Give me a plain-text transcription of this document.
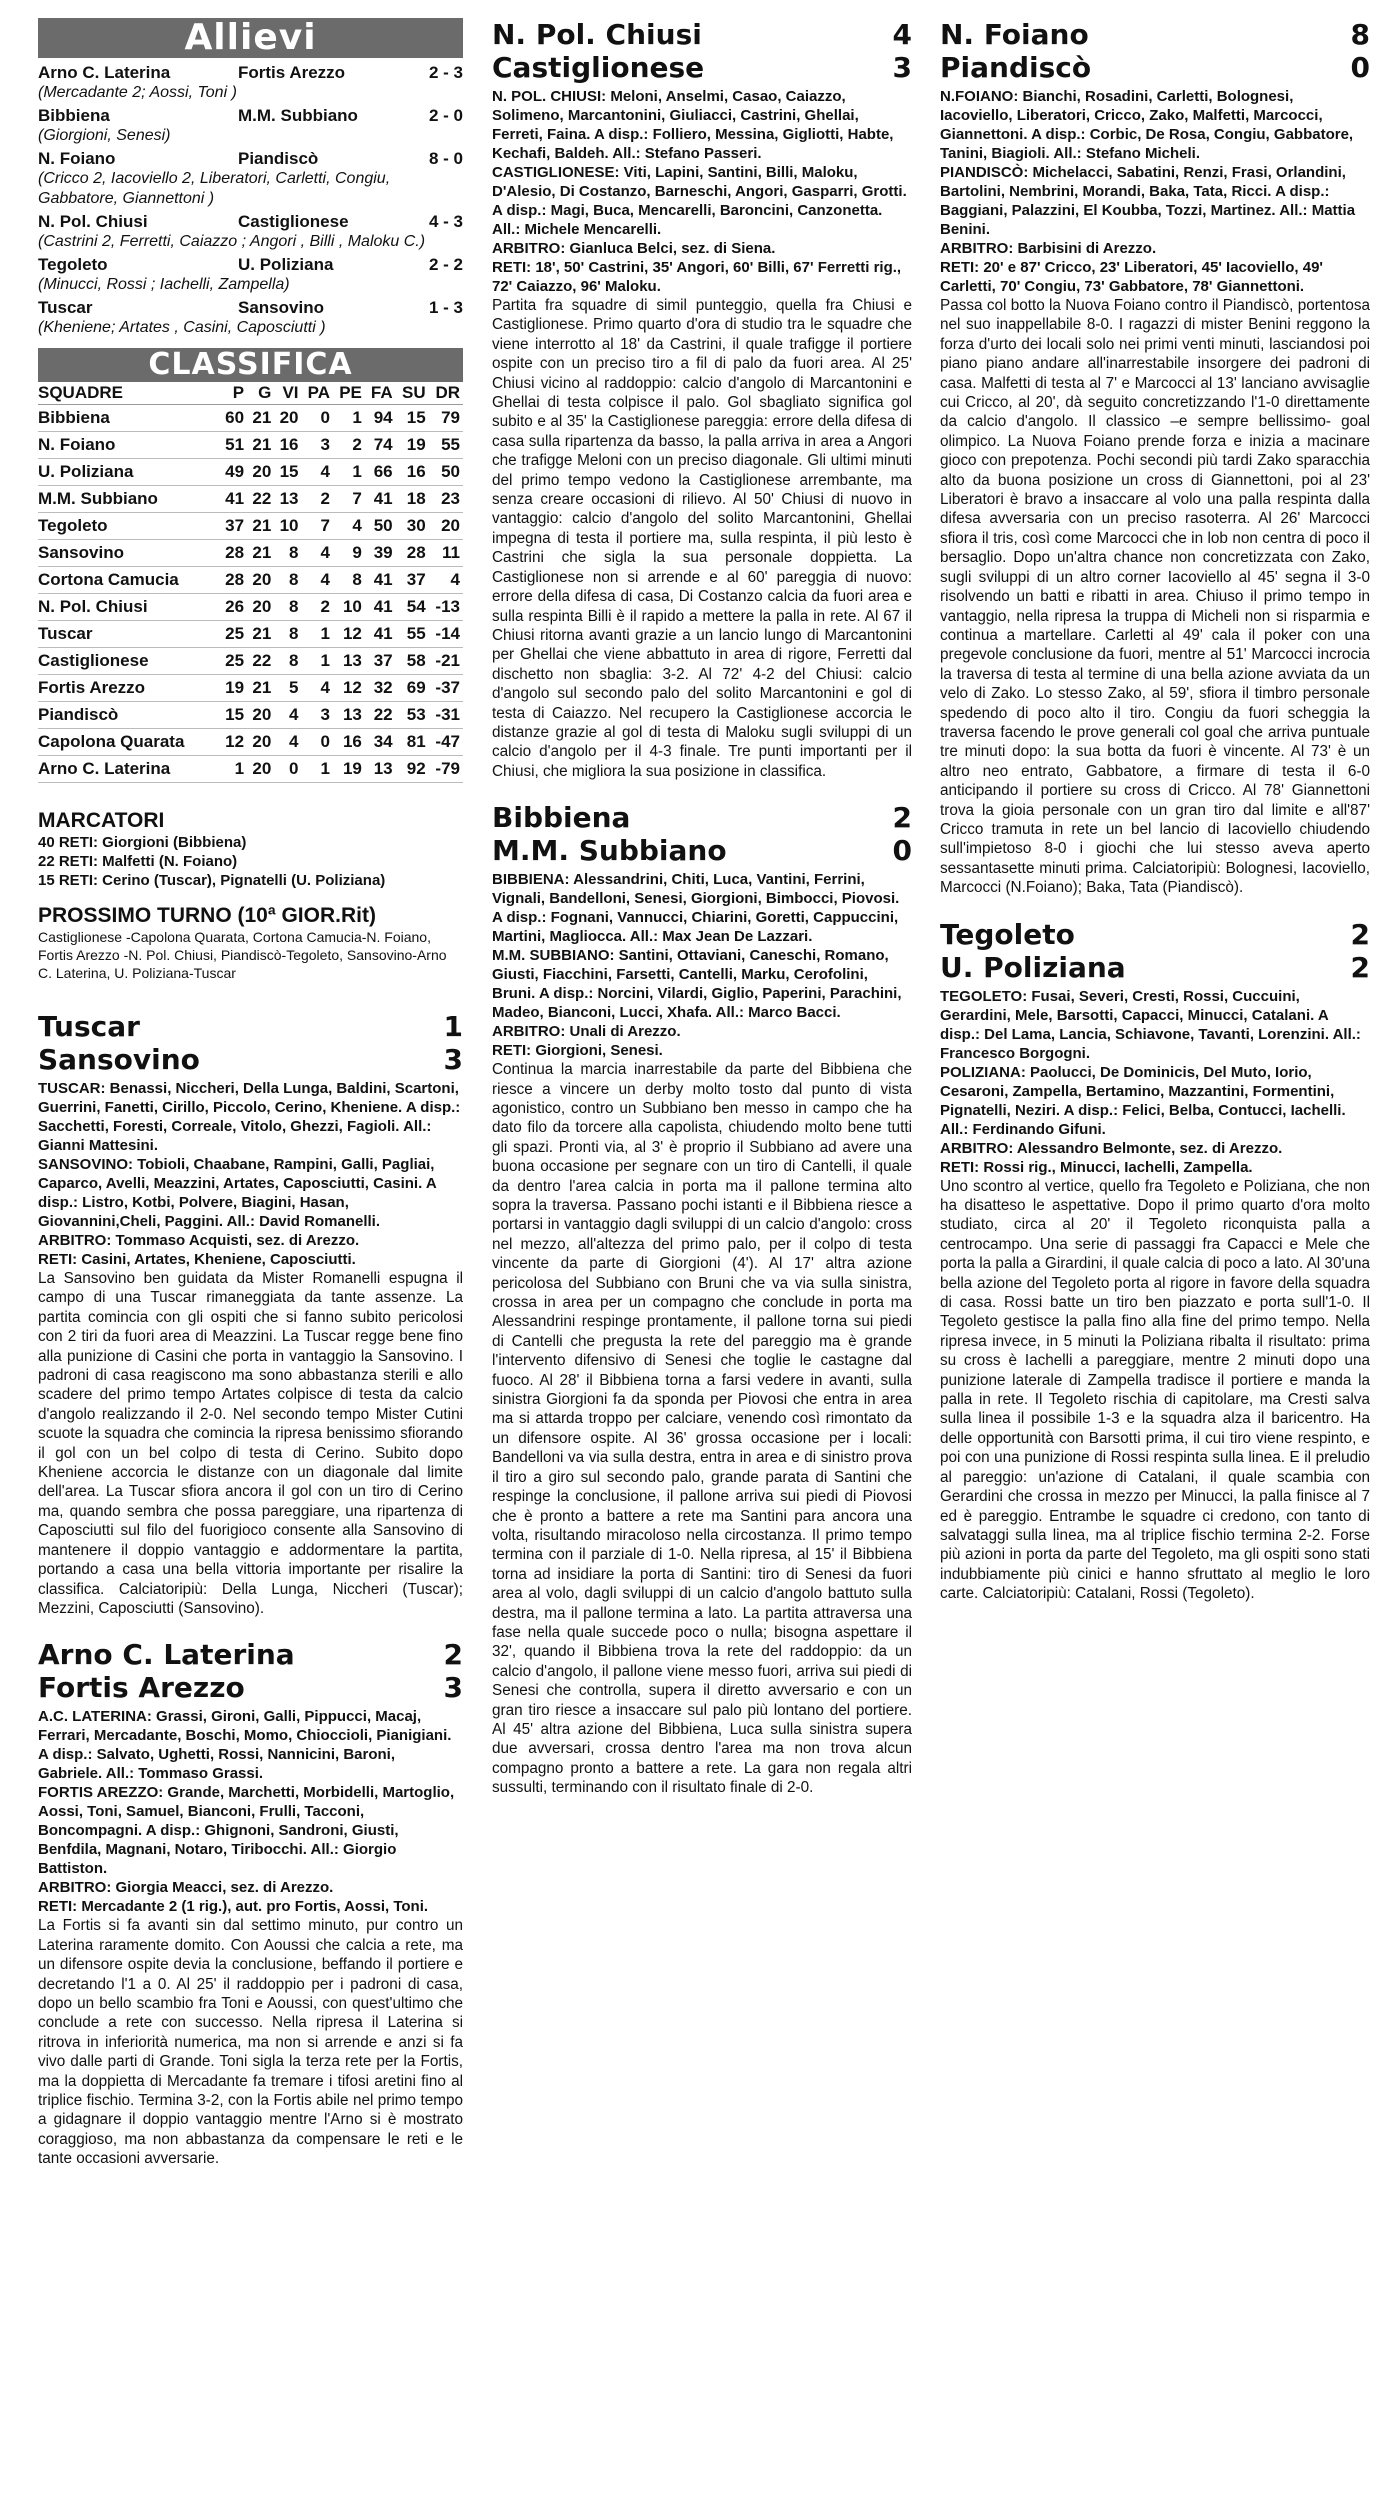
Allievi
Arno C. Laterina	Fortis Arezzo	2 - 3
(Mercadante 2; Aossi, Toni )
Bibbiena	M.M. Subbiano	2 - 0
(Giorgioni, Senesi)
N. Foiano	Piandiscò	8 - 0
(Cricco 2, Iacoviello 2, Liberatori, Carletti, Congiu, Gabbatore, Giannettoni )
N. Pol. Chiusi	Castiglionese	4 - 3
(Castrini 2, Ferretti, Caiazzo ; Angori , Billi , Maloku C.)
Tegoleto	U. Poliziana	2 - 2
(Minucci, Rossi ; Iachelli, Zampella)
Tuscar	Sansovino	1 - 3
(Kheniene; Artates , Casini, Caposciutti )
CLASSIFICA
SQUADRE	P	G	VI	PA	PE	FA	SU	DR
Bibbiena	60	21	20	0	1	94	15	79
N. Foiano	51	21	16	3	2	74	19	55
U. Poliziana	49	20	15	4	1	66	16	50
M.M. Subbiano	41	22	13	2	7	41	18	23
Tegoleto	37	21	10	7	4	50	30	20
Sansovino	28	21	8	4	9	39	28	11
Cortona Camucia	28	20	8	4	8	41	37	4
N. Pol. Chiusi	26	20	8	2	10	41	54	-13
Tuscar	25	21	8	1	12	41	55	-14
Castiglionese	25	22	8	1	13	37	58	-21
Fortis Arezzo	19	21	5	4	12	32	69	-37
Piandiscò	15	20	4	3	13	22	53	-31
Capolona Quarata	12	20	4	0	16	34	81	-47
Arno C. Laterina	1	20	0	1	19	13	92	-79
MARCATORI
40 RETI: Giorgioni (Bibbiena)
22 RETI: Malfetti (N. Foiano)
15 RETI: Cerino (Tuscar), Pignatelli (U. Poliziana)
PROSSIMO TURNO (10ª GIOR.Rit)
Castiglionese -Capolona Quarata, Cortona Camucia-N. Foiano, Fortis Arezzo -N. Pol. Chiusi, Piandiscò-Tegoleto, Sansovino-Arno C. Laterina, U. Poliziana-Tuscar
Tuscar	1
Sansovino	3

TUSCAR: Benassi, Niccheri, Della Lunga, Baldini, Scartoni, Guerrini, Fanetti, Cirillo, Piccolo, Cerino, Kheniene. A disp.: Sacchetti, Foresti, Correale, Vitolo, Ghezzi, Fagioli. All.: Gianni Mattesini.

SANSOVINO: Tobioli, Chaabane, Rampini, Galli, Pagliai, Caparco, Avelli, Meazzini, Artates, Caposciutti, Casini. A disp.: Listro, Kotbi, Polvere, Biagini, Hasan, Giovannini,Cheli, Paggini. All.: David Romanelli.

ARBITRO: Tommaso Acquisti, sez. di Arezzo.

RETI: Casini, Artates, Kheniene, Caposciutti.

La Sansovino ben guidata da Mister Romanelli espugna il campo di una Tuscar rimaneggiata da tante assenze. La partita comincia con gli ospiti che si fanno subito pericolosi con 2 tiri da fuori area di Meazzini. La Tuscar regge bene fino alla punizione di Casini che porta in vantaggio la Sansovino. I padroni di casa reagiscono ma sono abbastanza sterili e allo scadere del primo tempo Artates colpisce di testa da calcio d'angolo realizzando il 2-0. Nel secondo tempo Mister Cutini scuote la squadra che comincia la ripresa benissimo sfiorando il gol con un bel colpo di testa di Cerino. Subito dopo Kheniene accorcia le distanze con un diagonale dal limite dell'area. La Tuscar sfiora ancora il gol con un tiro di Cerino ma, quando sembra che possa pareggiare, una ripartenza di Caposciutti sul filo del fuorigioco consente alla Sansovino di mantenere il doppio vantaggio e addormentare la partita, portando a casa una bella vittoria importante per risalire la classifica. Calciatoripiù: Della Lunga, Niccheri (Tuscar); Mezzini, Caposciutti (Sansovino).

Arno C. Laterina	2
Fortis Arezzo	3

A.C. LATERINA: Grassi, Gironi, Galli, Pippucci, Macaj, Ferrari, Mercadante, Boschi, Momo, Chioccioli, Pianigiani. A disp.: Salvato, Ughetti, Rossi, Nannicini, Baroni, Gabriele. All.: Tommaso Grassi.

FORTIS AREZZO: Grande, Marchetti, Morbidelli, Martoglio, Aossi, Toni, Samuel, Bianconi, Frulli, Tacconi, Boncompagni. A disp.: Ghignoni, Sandroni, Giusti, Benfdila, Magnani, Notaro, Tiribocchi. All.: Giorgio Battiston.

ARBITRO: Giorgia Meacci, sez. di Arezzo.

RETI: Mercadante 2 (1 rig.), aut. pro Fortis, Aossi, Toni.

La Fortis si fa avanti sin dal settimo minuto, pur contro un Laterina raramente domito. Con Aoussi che calcia a rete, ma un difensore ospite devia la conclusione, beffando il portiere e decretando l'1 a 0. Al 25' il raddoppio per i padroni di casa, dopo un bello scambio fra Toni e Aoussi, con quest'ultimo che conclude a rete con successo. Nella ripresa il Laterina si ritrova in inferiorità numerica, ma non si arrende e anzi si fa vivo dalle parti di Grande. Toni sigla la terza rete per la Fortis, ma la doppietta di Mercadante fa tremare i tifosi aretini fino al triplice fischio. Termina 3-2, con la Fortis abile nel primo tempo a gidagnare il doppio vantaggio mentre l'Arno si è mostrato coraggioso, ma non abbastanza da compensare le reti e le tante occasioni avversarie.

N. Pol. Chiusi	4
Castiglionese	3

N. POL. CHIUSI: Meloni, Anselmi, Casao, Caiazzo, Solimeno, Marcantonini, Giuliacci, Castrini, Ghellai, Ferreti, Faina. A disp.: Folliero, Messina, Gigliotti, Habte, Kechafi, Baldeh. All.: Stefano Passeri.

CASTIGLIONESE: Viti, Lapini, Santini, Billi, Maloku, D'Alesio, Di Costanzo, Barneschi, Angori, Gasparri, Grotti. A disp.: Magi, Buca, Mencarelli, Baroncini, Canzonetta. All.: Michele Mencarelli.

ARBITRO: Gianluca Belci, sez. di Siena.

RETI: 18', 50' Castrini, 35' Angori, 60' Billi, 67' Ferretti rig., 72' Caiazzo, 96' Maloku.

Partita fra squadre di simil punteggio, quella fra Chiusi e Castiglionese. Primo quarto d'ora di studio tra le squadre che viene interrotto al 18' da Castrini, il quale trafigge il portiere ospite con un preciso tiro a fil di palo da fuori area. Al 25' Chiusi vicino al raddoppio: calcio d'angolo di Marcantonini e Ghellai di testa colpisce il palo. Gol sbagliato significa gol subito e al 35' la Castiglionese pareggia: errore della difesa di casa sulla ripartenza da basso, la palla arriva in area a Angori che trafigge Meloni con un preciso diagonale. Gli ultimi minuti del primo tempo vedono la Castiglionese arrembante, ma senza creare occasioni di rilievo. Al 50' Chiusi di nuovo in vantaggio: calcio d'angolo del solito Marcantonini, Ghellai impegna di testa il portiere ma, sulla respinta, il più lesto è Castrini che sigla la sua personale doppietta. La Castiglionese non si arrende e al 60' pareggia di nuovo: errore della difesa di casa, Di Costanzo calcia da fuori area e sulla respinta Billi è il rapido a mettere la palla in rete. Al 67 il Chiusi ritorna avanti grazie a un lancio lungo di Marcantonini per Ghellai che viene abbattuto in area di rigore, Ferretti dal dischetto non sbaglia: 3-2. Al 72' 4-2 del Chiusi: calcio d'angolo sul secondo palo del solito Marcantonini e gol di testa di Caiazzo. Nel recupero la Castiglionese accorcia le distanze grazie al gol di testa di Maloku sugli sviluppi di un calcio d'angolo per il 4-3 finale. Tre punti importanti per il Chiusi, che migliora la sua posizione in classifica.

Bibbiena	2
M.M. Subbiano	0

BIBBIENA: Alessandrini, Chiti, Luca, Vantini, Ferrini, Vignali, Bandelloni, Senesi, Giorgioni, Bimbocci, Piovosi. A disp.: Fognani, Vannucci, Chiarini, Goretti, Cappuccini, Martini, Magliocca. All.: Max Jean De Lazzari.

M.M. SUBBIANO: Santini, Ottaviani, Caneschi, Romano, Giusti, Fiacchini, Farsetti, Cantelli, Marku, Cerofolini, Bruni. A disp.: Norcini, Vilardi, Giglio, Paperini, Parachini, Madeo, Bianconi, Lucci, Xhafa. All.: Marco Bacci.

ARBITRO: Unali di Arezzo.

RETI: Giorgioni, Senesi.

Continua la marcia inarrestabile da parte del Bibbiena che riesce a vincere un derby molto tosto dal punto di vista agonistico, contro un Subbiano ben messo in campo che ha dato filo da torcere alla capolista, chiudendo molto bene tutti gli spazi. Pronti via, al 3' è proprio il Subbiano ad avere una buona occasione per segnare con un tiro di Cantelli, il quale da dentro l'area calcia in porta ma il pallone termina alto sopra la traversa. Passano pochi istanti e il Bibbiena riesce a portarsi in vantaggio dagli sviluppi di un calcio d'angolo: cross nel mezzo, all'altezza del primo palo, per il colpo di testa vincente da parte di Giorgioni (4'). Al 17' altra azione pericolosa del Subbiano con Bruni che va via sulla sinistra, crossa in area per un compagno che conclude in porta ma Alessandrini respinge prontamente, il pallone torna sui piedi di Cantelli che pregusta la rete del pareggio ma è grande l'intervento difensivo di Senesi che toglie le castagne dal fuoco. Al 28' il Bibbiena torna a farsi vedere in avanti, sulla sinistra Giorgioni fa da sponda per Piovosi che entra in area ma si attarda troppo per calciare, venendo così rimontato da un difensore ospite. Al 36' grossa occasione per i locali: Bandelloni va via sulla destra, entra in area e di sinistro prova il tiro a giro sul secondo palo, grande parata di Santini che respinge la conclusione, il pallone arriva sui piedi di Piovosi che è pronto a battere a rete ma Santini para ancora una volta, risultando miracoloso nella circostanza. Il primo tempo termina con il parziale di 1-0. Nella ripresa, al 15' il Bibbiena torna ad insidiare la porta di Santini: tiro di Senesi da fuori area al volo, dagli sviluppi di un calcio d'angolo battuto sulla destra, ma il pallone termina a lato. La partita attraversa una fase nella quale succede poco o nulla; bisogna aspettare il 32', quando il Bibbiena trova la rete del raddoppio: da un calcio d'angolo, il pallone viene messo fuori, arriva sui piedi di Senesi che controlla, supera il diretto avversario e con un gran tiro riesce a insaccare sul palo più lontano del portiere. Al 45' altra azione del Bibbiena, Luca sulla sinistra supera due avversari, crossa dentro l'area ma non trova alcun compagno pronto a battere a rete. La gara non regala altri sussulti, terminando con il risultato finale di 2-0.

N. Foiano	8
Piandiscò	0

N.FOIANO: Bianchi, Rosadini, Carletti, Bolognesi, Iacoviello, Liberatori, Cricco, Zako, Malfetti, Marcocci, Giannettoni. A disp.: Corbic, De Rosa, Congiu, Gabbatore, Tanini, Biagioli. All.: Stefano Micheli.

PIANDISCÒ: Michelacci, Sabatini, Renzi, Frasi, Orlandini, Bartolini, Nembrini, Morandi, Baka, Tata, Ricci. A disp.: Baggiani, Palazzini, El Koubba, Tozzi, Martinez. All.: Mattia Benini.

ARBITRO: Barbisini di Arezzo.

RETI: 20' e 87' Cricco, 23' Liberatori, 45' Iacoviello, 49' Carletti, 70' Congiu, 73' Gabbatore, 78' Giannettoni.

Passa col botto la Nuova Foiano contro il Piandiscò, portentosa nel suo inappellabile 8-0. I ragazzi di mister Benini reggono la forza d'urto dei locali solo nei primi venti minuti, lasciandosi poi piano piano andare all'inarrestabile insorgere dei padroni di casa. Malfetti di testa al 7' e Marcocci al 13' lanciano avvisaglie cui Cricco, al 20', dà seguito concretizzando l'1-0 direttamente da calcio d'angolo. Il classico –e sempre bellissimo- goal olimpico. La Nuova Foiano prende forza e inizia a macinare gioco con prepotenza. Pochi secondi più tardi Zako sparacchia alto da buona posizione un cross di Giannettoni, poi al 23' Liberatori è bravo a insaccare al volo una palla respinta dalla difesa avversaria con un preciso rasoterra. Al 26' Marcocci sfiora il tris, così come Marcocci che in lob non centra di poco il bersaglio. Dopo un'altra chance non concretizzata con Zako, sugli sviluppi di un altro corner Iacoviello al 45' segna il 3-0 risolvendo un batti e ribatti in area. Chiuso il primo tempo in vantaggio, nella ripresa la truppa di Micheli non si risparmia e continua a martellare. Carletti al 49' cala il poker con una pregevole conclusione da fuori, mentre al 51' Marcocci incrocia la traversa di testa al termine di una bella azione avviata da un velo di Zako. Lo stesso Zako, al 59', sfiora il timbro personale spedendo di poco alto il tiro. Congiu da fuori scheggia la traversa facendo le prove generali col goal che arriva puntuale tre minuti dopo: la sua botta da fuori è vincente. Al 73' è un altro neo entrato, Gabbatore, a firmare di testa il 6-0 anticipando il portiere su cross di Cricco. Al 78' Giannettoni trova la gioia personale con un gran tiro dal limite e all'87' Cricco tramuta in rete un bel lancio di Iacoviello chiudendo sull'impietoso 8-0 i giochi che lui stesso aveva aperto sessantasette minuti prima. Calciatoripiù: Bolognesi, Iacoviello, Marcocci (N.Foiano); Baka, Tata (Piandiscò).

Tegoleto	2
U. Poliziana	2

TEGOLETO: Fusai, Severi, Cresti, Rossi, Cuccuini, Gerardini, Mele, Barsotti, Capacci, Minucci, Catalani. A disp.: Del Lama, Lancia, Schiavone, Tavanti, Lorenzini. All.: Francesco Borgogni.

POLIZIANA: Paolucci, De Dominicis, Del Muto, Iorio, Cesaroni, Zampella, Bertamino, Mazzantini, Formentini, Pignatelli, Neziri. A disp.: Felici, Belba, Contucci, Iachelli. All.: Ferdinando Gifuni.

ARBITRO: Alessandro Belmonte, sez. di Arezzo.

RETI: Rossi rig., Minucci, Iachelli, Zampella.

Uno scontro al vertice, quello fra Tegoleto e Poliziana, che non ha disatteso le aspettative. Dopo il primo quarto d'ora molto studiato, circa al 20' il Tegoleto riconquista palla a centrocampo. Una serie di passaggi fra Capacci e Mele che porta la palla a Girardini, il quale calcia di poco a lato. Al 30'una bella azione del Tegoleto porta al rigore in favore della squadra di casa. Rossi batte un tiro ben piazzato e porta sull'1-0. Il Tegoleto gestisce la palla fino alla fine del primo tempo. Nella ripresa invece, in 5 minuti la Poliziana ribalta il risultato: prima su cross è Iachelli a pareggiare, mentre 2 minuti dopo una punizione laterale di Zampella tradisce il portiere e manda la palla in rete. Il Tegoleto rischia di capitolare, ma Cresti salva sulla linea il possibile 1-3 e la squadra alza il baricentro. Ha delle opportunità con Barsotti prima, il cui tiro viene respinto, e poi con una punizione di Rossi respinta sulla linea. E il preludio al pareggio: un'azione di Catalani, il quale scambia con Gerardini che crossa in mezzo per Minucci, la palla finisce al 7 ed è pareggio. Entrambe le squadre ci credono, con tanto di salvataggi sulla linea, ma al triplice fischio termina 2-2. Forse più azioni in porta da parte del Tegoleto, ma gli ospiti sono stati indubbiamente più cinici e hanno sfruttato al meglio le loro carte. Calciatoripiù: Catalani, Rossi (Tegoleto).
